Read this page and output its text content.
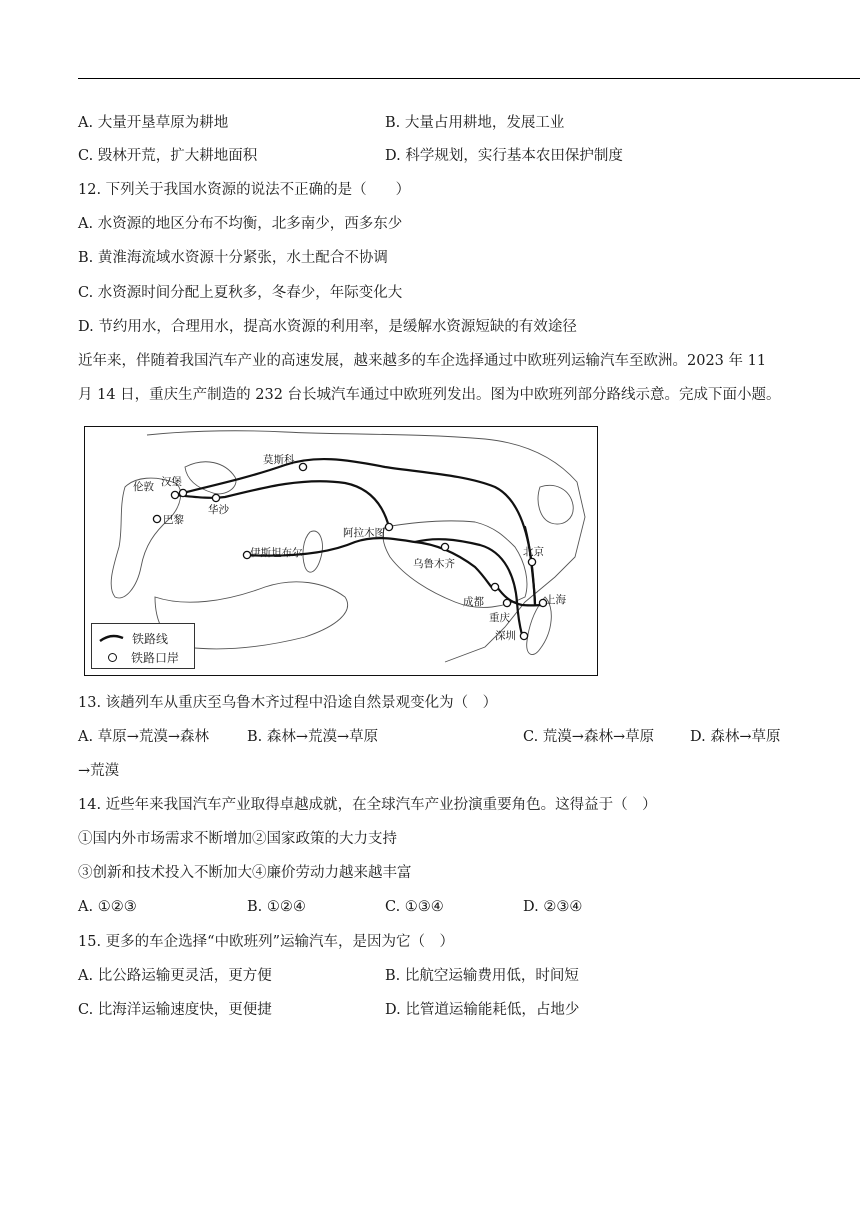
A. 大量开垦草原为耕地	B. 大量占用耕地，发展工业
C. 毁林开荒，扩大耕地面积	D. 科学规划，实行基本农田保护制度
12. 下列关于我国水资源的说法不正确的是（　　）
A. 水资源的地区分布不均衡，北多南少，西多东少
B. 黄淮海流域水资源十分紧张，水土配合不协调
C. 水资源时间分配上夏秋多，冬春少，年际变化大
D. 节约用水，合理用水，提高水资源的利用率，是缓解水资源短缺的有效途径
近年来，伴随着我国汽车产业的高速发展，越来越多的车企选择通过中欧班列运输汽车至欧洲。2023 年 11
月 14 日，重庆生产制造的 232 台长城汽车通过中欧班列发出。图为中欧班列部分路线示意。完成下面小题。
莫斯科
伦敦 汉堡
华沙
巴黎
伊斯坦布尔
阿拉木图
乌鲁木齐
北京
上海
成都
重庆
深圳
铁路线
铁路口岸
13. 该趟列车从重庆至乌鲁木齐过程中沿途自然景观变化为（　）
A. 草原→荒漠→森林	B. 森林→荒漠→草原	C. 荒漠→森林→草原 D. 森林→草原
→荒漠
14. 近些年来我国汽车产业取得卓越成就，在全球汽车产业扮演重要角色。这得益于（　）
①国内外市场需求不断增加②国家政策的大力支持
③创新和技术投入不断加大④廉价劳动力越来越丰富
A. ①②③	B. ①②④	C. ①③④	D. ②③④
15. 更多的车企选择“中欧班列”运输汽车，是因为它（　）
A. 比公路运输更灵活，更方便	B. 比航空运输费用低，时间短
C. 比海洋运输速度快，更便捷	D. 比管道运输能耗低，占地少
